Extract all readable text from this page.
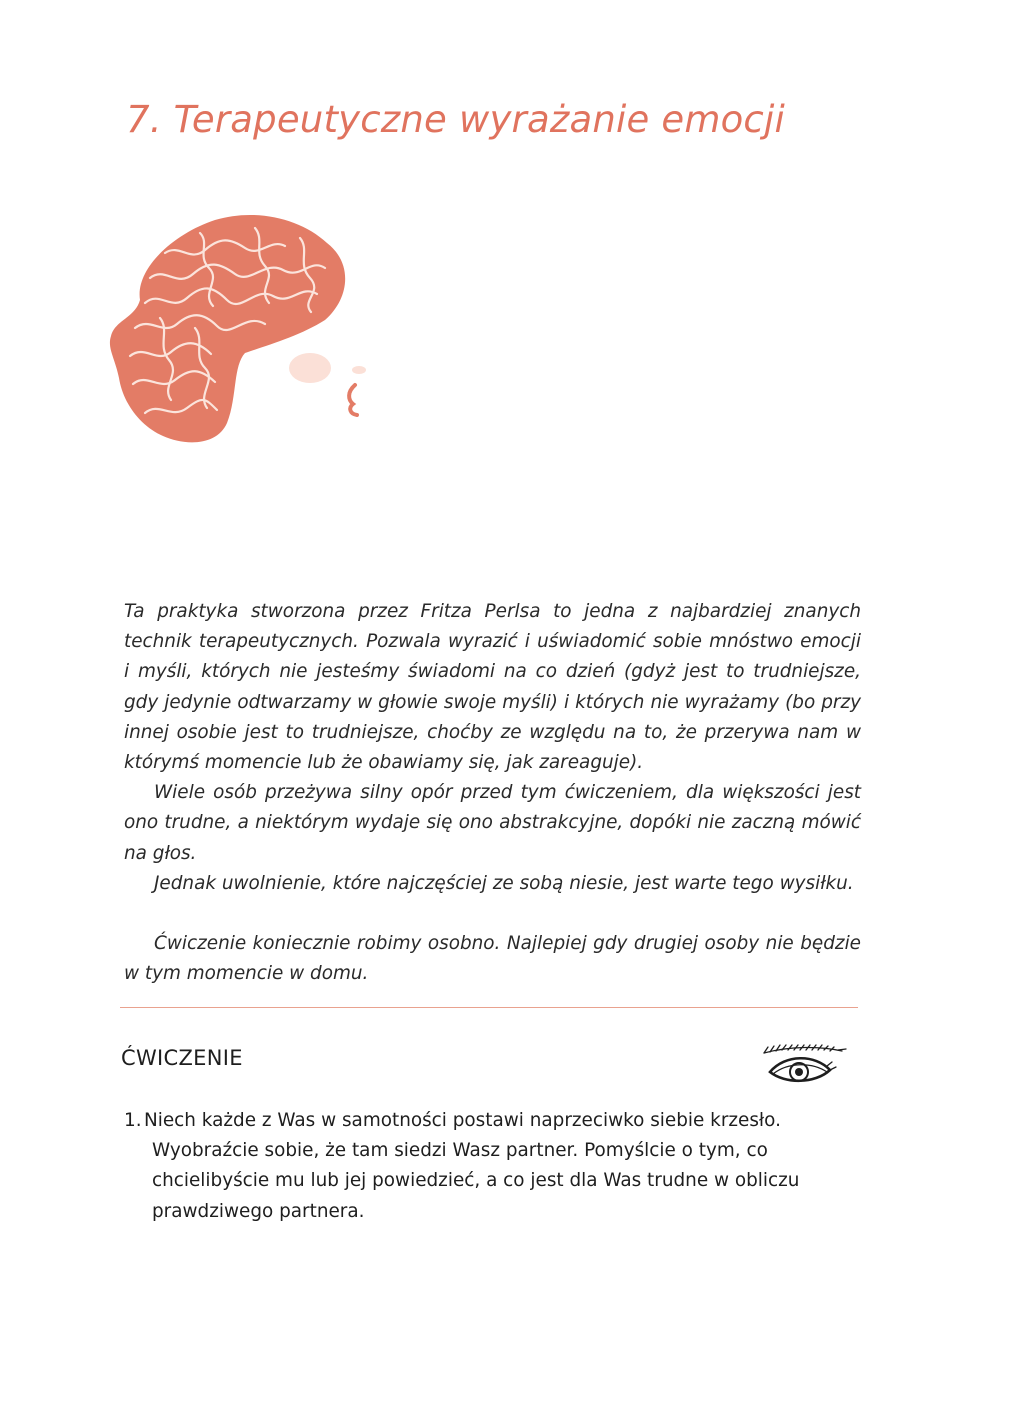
7. Terapeutyczne wyrażanie emocji

Ta praktyka stworzona przez Fritza Perlsa to jedna z najbardziej znanych technik terapeutycznych. Pozwala wyrazić i uświadomić sobie mnóstwo emocji i myśli, których nie jesteśmy świadomi na co dzień (gdyż jest to trudniejsze, gdy jedynie odtwarzamy w głowie swoje myśli) i których nie wyrażamy (bo przy innej osobie jest to trudniejsze, choćby ze względu na to, że przerywa nam w którymś momencie lub że obawiamy się, jak zareaguje).

Wiele osób przeżywa silny opór przed tym ćwiczeniem, dla większości jest ono trudne, a niektórym wydaje się ono abstrakcyjne, dopóki nie zaczną mówić na głos.

Jednak uwolnienie, które najczęściej ze sobą niesie, jest warte tego wysiłku.

Ćwiczenie koniecznie robimy osobno. Najlepiej gdy drugiej osoby nie będzie w tym momencie w domu.

ĆWICZENIE
1. Niech każde z Was w samotności postawi naprzeciwko siebie krzesło. Wyobraźcie sobie, że tam siedzi Wasz partner. Pomyślcie o tym, co chcielibyście mu lub jej powiedzieć, a co jest dla Was trudne w obliczu prawdziwego partnera.
